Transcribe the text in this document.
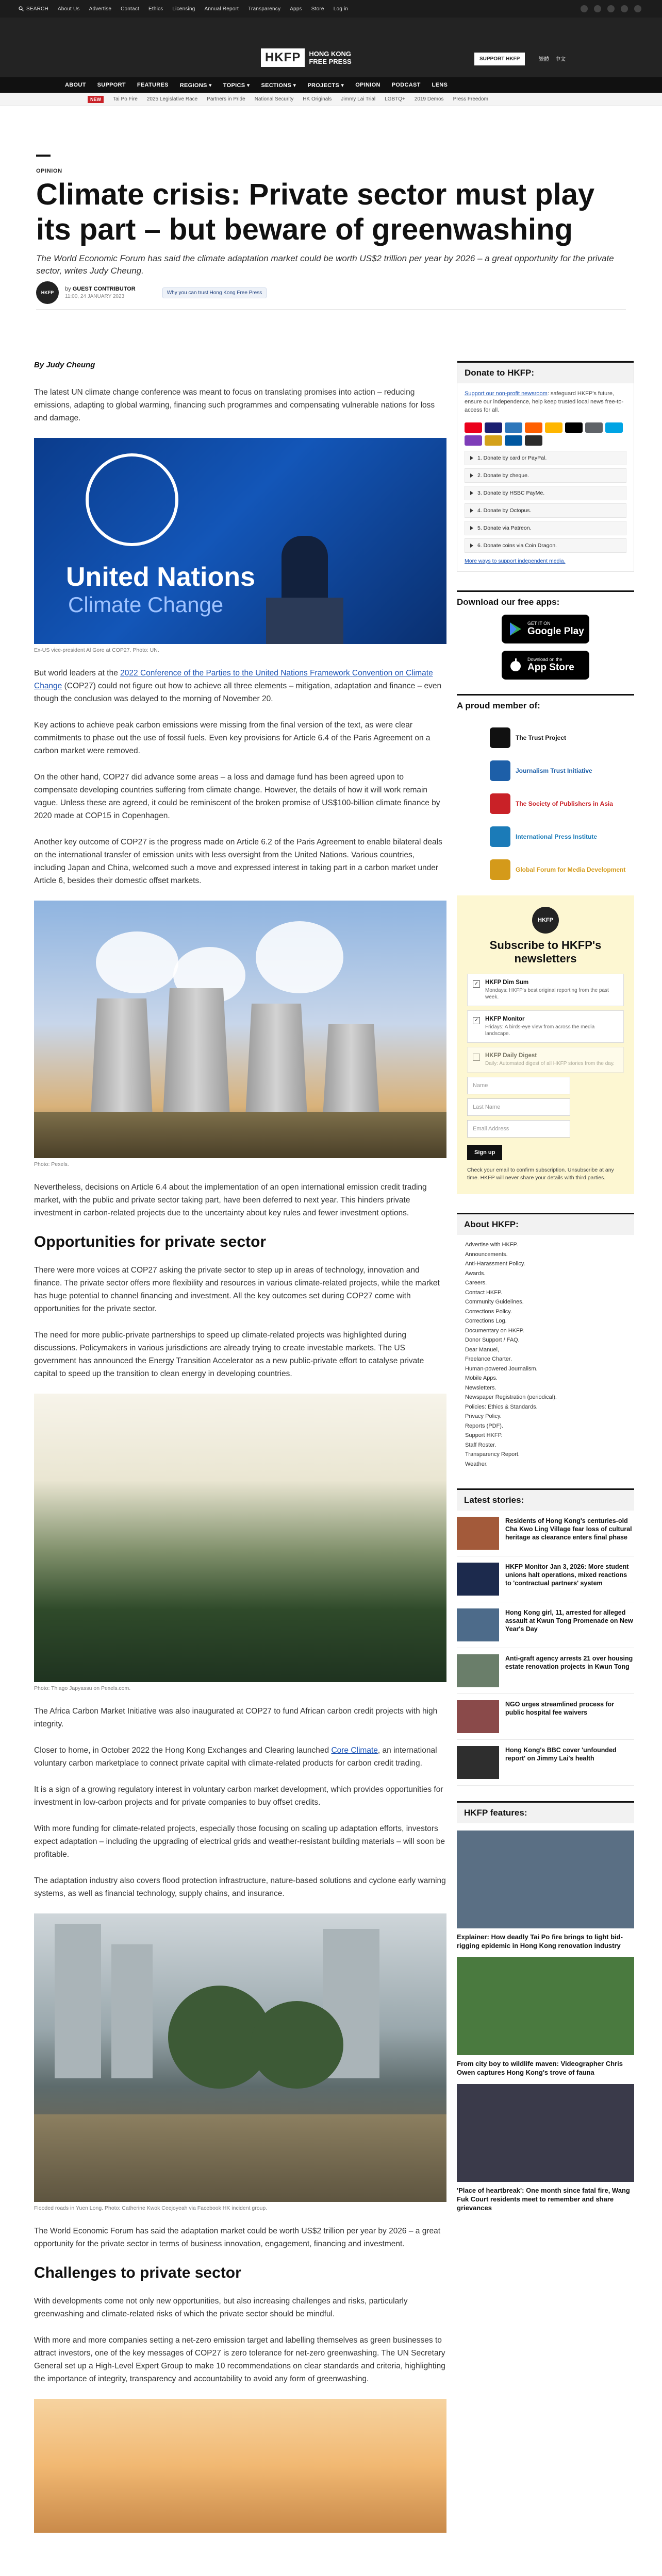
SEARCH About Us Advertise Contact Ethics Licensing Annual Report Transparency Apps Store Log in
HKFP	HONG KONG
FREE PRESS	SUPPORT HKFP	繁體 中文
ABOUT SUPPORT FEATURES REGIONS ▾ TOPICS ▾ SECTIONS ▾ PROJECTS ▾ OPINION PODCAST LENS
NEW	Tai Po Fire 2025 Legislative Race Partners in Pride National Security HK Originals Jimmy Lai Trial LGBTQ+ 2019 Demos Press Freedom
OPINION
Climate crisis: Private sector must play its part – but beware of greenwashing
The World Economic Forum has said the climate adaptation market could be worth US$2 trillion per year by 2026 – a great opportunity for the private sector, writes Judy Cheung.
HKFP
by GUEST CONTRIBUTOR
11:00, 24 JANUARY 2023
Why you can trust Hong Kong Free Press
By Judy Cheung

The latest UN climate change conference was meant to focus on translating promises into action – reducing emissions, adapting to global warming, financing such programmes and compensating vulnerable nations for loss and damage.

United Nations
Climate Change
Ex-US vice-president Al Gore at COP27. Photo: UN.

But world leaders at the 2022 Conference of the Parties to the United Nations Framework Convention on Climate Change (COP27) could not figure out how to achieve all three elements – mitigation, adaptation and finance – even though the conclusion was delayed to the morning of November 20.

Key actions to achieve peak carbon emissions were missing from the final version of the text, as were clear commitments to phase out the use of fossil fuels. Even key provisions for Article 6.4 of the Paris Agreement on a carbon market were removed.

On the other hand, COP27 did advance some areas – a loss and damage fund has been agreed upon to compensate developing countries suffering from climate change. However, the details of how it will work remain vague. Unless these are agreed, it could be reminiscent of the broken promise of US$100-billion climate finance by 2020 made at COP15 in Copenhagen.

Another key outcome of COP27 is the progress made on Article 6.2 of the Paris Agreement to enable bilateral deals on the international transfer of emission units with less oversight from the United Nations. Various countries, including Japan and China, welcomed such a move and expressed interest in taking part in a carbon market under Article 6, besides their domestic offset markets.

Photo: Pexels.

Nevertheless, decisions on Article 6.4 about the implementation of an open international emission credit trading market, with the public and private sector taking part, have been deferred to next year. This hinders private investment in carbon-related projects due to the uncertainty about key rules and fewer investment options.

Opportunities for private sector

There were more voices at COP27 asking the private sector to step up in areas of technology, innovation and finance. The private sector offers more flexibility and resources in various climate-related projects, while the market has huge potential to channel financing and investment. All the key outcomes set during COP27 come with opportunities for the private sector.

The need for more public-private partnerships to speed up climate-related projects was highlighted during discussions. Policymakers in various jurisdictions are already trying to create investable markets. The US government has announced the Energy Transition Accelerator as a new public-private effort to catalyse private capital to speed up the transition to clean energy in developing countries.

Photo: Thiago Japyassu on Pexels.com.

The Africa Carbon Market Initiative was also inaugurated at COP27 to fund African carbon credit projects with high integrity.

Closer to home, in October 2022 the Hong Kong Exchanges and Clearing launched Core Climate, an international voluntary carbon marketplace to connect private capital with climate-related products for carbon credit trading.

It is a sign of a growing regulatory interest in voluntary carbon market development, which provides opportunities for investment in low-carbon projects and for private companies to buy offset credits.

With more funding for climate-related projects, especially those focusing on scaling up adaptation efforts, investors expect adaptation – including the upgrading of electrical grids and weather-resistant building materials – will soon be profitable.

The adaptation industry also covers flood protection infrastructure, nature-based solutions and cyclone early warning systems, as well as financial technology, supply chains, and insurance.

Flooded roads in Yuen Long. Photo: Catherine Kwok Ceejoyeah via Facebook HK incident group.

The World Economic Forum has said the adaptation market could be worth US$2 trillion per year by 2026 – a great opportunity for the private sector in terms of business innovation, engagement, financing and investment.

Challenges to private sector

With developments come not only new opportunities, but also increasing challenges and risks, particularly greenwashing and climate-related risks of which the private sector should be mindful.

With more and more companies setting a net-zero emission target and labelling themselves as green businesses to attract investors, one of the key messages of COP27 is zero tolerance for net-zero greenwashing. The UN Secretary General set up a High-Level Expert Group to make 10 recommendations on clear standards and criteria, highlighting the importance of integrity, transparency and accountability to avoid any form of greenwashing.

Donate to HKFP:
Support our non-profit newsroom: safeguard HKFP's future, ensure our independence, help keep trusted local news free-to-access for all.
1. Donate by card or PayPal.
2. Donate by cheque.
3. Donate by HSBC PayMe.
4. Donate by Octopus.
5. Donate via Patreon.
6. Donate coins via Coin Dragon.
More ways to support independent media.
Download our free apps:
GET IT ON
Google Play
Download on the
App Store
A proud member of:
The Trust Project
Journalism Trust Initiative
The Society of Publishers in Asia
International Press Institute
Global Forum for Media Development
HKFP
Subscribe to HKFP's newsletters
✓ HKFP Dim Sum
Mondays: HKFP's best original reporting from the past week.
✓ HKFP Monitor
Fridays: A birds-eye view from across the media landscape.
HKFP Daily Digest
Daily: Automated digest of all HKFP stories from the day.
Name
Last Name
Email Address
Sign up
Check your email to confirm subscription. Unsubscribe at any time. HKFP will never share your details with third parties.
About HKFP:
Advertise with HKFP.
Announcements.
Anti-Harassment Policy.
Awards.
Careers.
Contact HKFP.
Community Guidelines.
Corrections Policy.
Corrections Log.
Documentary on HKFP.
Donor Support / FAQ.
Dear Manuel,
Freelance Charter.
Human-powered Journalism.
Mobile Apps.
Newsletters.
Newspaper Registration (periodical).
Policies: Ethics & Standards.
Privacy Policy.
Reports (PDF).
Support HKFP.
Staff Roster.
Transparency Report.
Weather.
Latest stories:
Residents of Hong Kong's centuries-old Cha Kwo Ling Village fear loss of cultural heritage as clearance enters final phase
HKFP Monitor Jan 3, 2026: More student unions halt operations, mixed reactions to 'contractual partners' system
Hong Kong girl, 11, arrested for alleged assault at Kwun Tong Promenade on New Year's Day
Anti-graft agency arrests 21 over housing estate renovation projects in Kwun Tong
NGO urges streamlined process for public hospital fee waivers
Hong Kong's BBC cover 'unfounded report' on Jimmy Lai's health
HKFP features:
Explainer: How deadly Tai Po fire brings to light bid-rigging epidemic in Hong Kong renovation industry
From city boy to wildlife maven: Videographer Chris Owen captures Hong Kong's trove of fauna
'Place of heartbreak': One month since fatal fire, Wang Fuk Court residents meet to remember and share grievances
